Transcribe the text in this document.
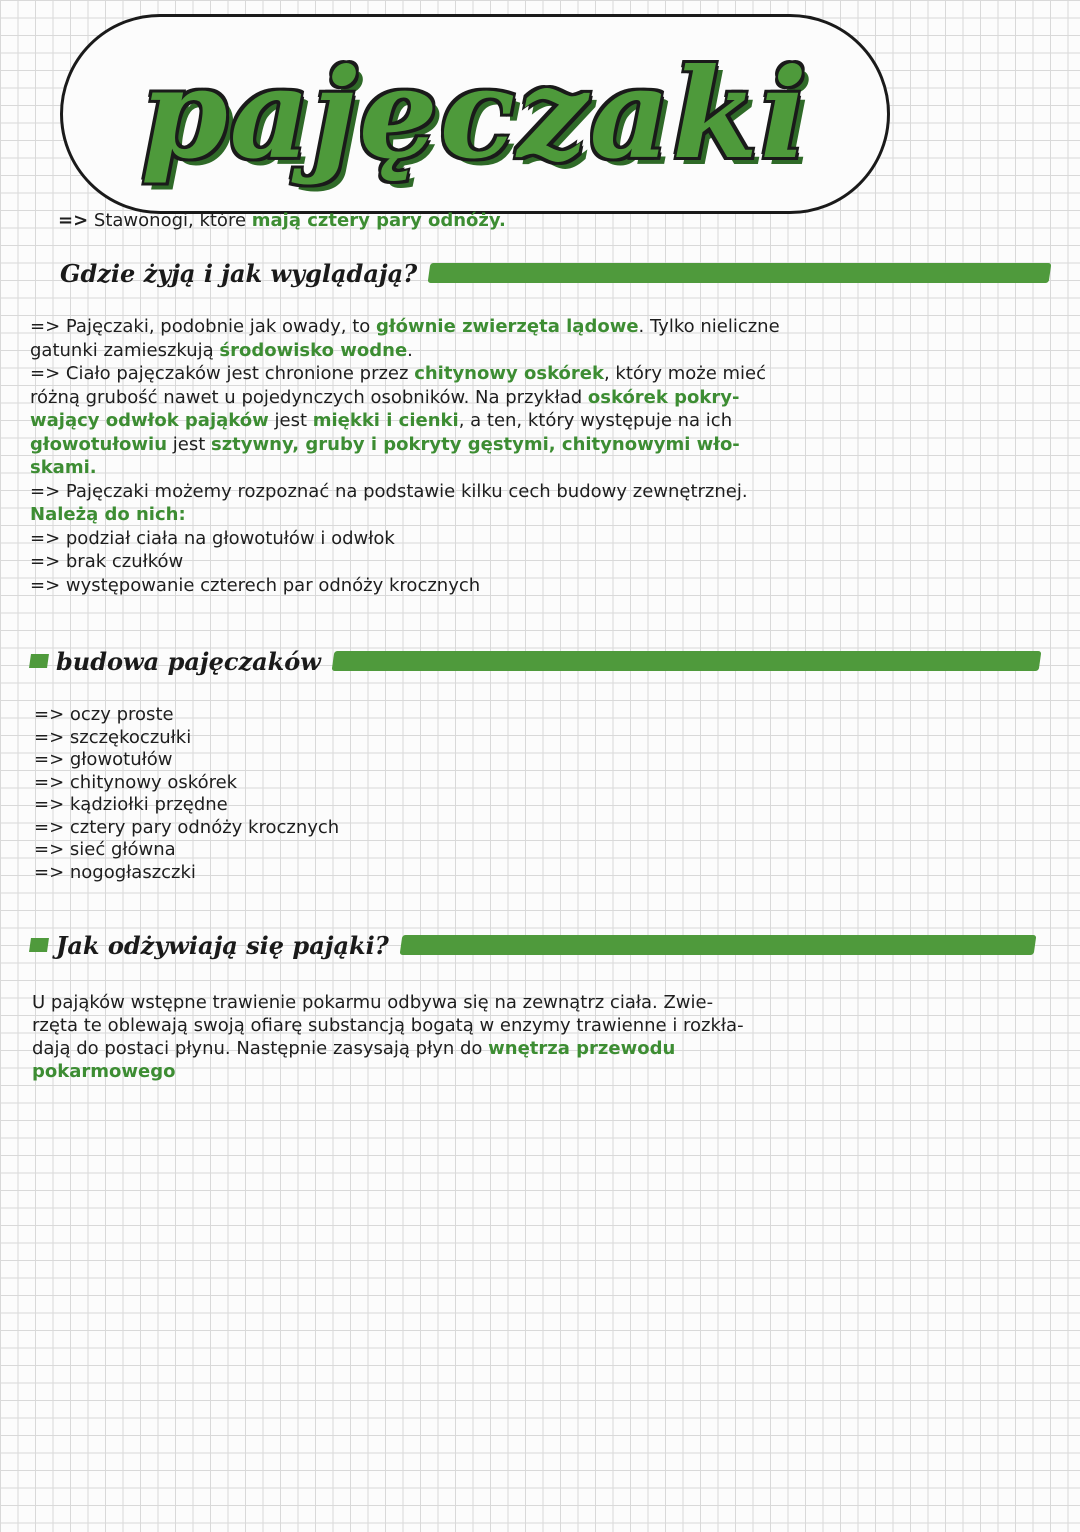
pajęczaki
=> Stawonogi, które mają cztery pary odnóży.
Gdzie żyją i jak wyglądają?
=> Pajęczaki, podobnie jak owady, to głównie zwierzęta lądowe. Tylko nieliczne
gatunki zamieszkują środowisko wodne.
=> Ciało pajęczaków jest chronione przez chitynowy oskórek, który może mieć
różną grubość nawet u pojedynczych osobników. Na przykład oskórek pokry-
wający odwłok pająków jest miękki i cienki, a ten, który występuje na ich
głowotułowiu jest sztywny, gruby i pokryty gęstymi, chitynowymi wło-
skami.
=> Pajęczaki możemy rozpoznać na podstawie kilku cech budowy zewnętrznej.
Należą do nich:
=> podział ciała na głowotułów i odwłok
=> brak czułków
=> występowanie czterech par odnóży krocznych
budowa pajęczaków
=> oczy proste
=> szczękoczułki
=> głowotułów
=> chitynowy oskórek
=> kądziołki przędne
=> cztery pary odnóży krocznych
=> sieć główna
=> nogogłaszczki
Jak odżywiają się pająki?
U pająków wstępne trawienie pokarmu odbywa się na zewnątrz ciała. Zwie-
rzęta te oblewają swoją ofiarę substancją bogatą w enzymy trawienne i rozkła-
dają do postaci płynu. Następnie zasysają płyn do wnętrza przewodu
pokarmowego
